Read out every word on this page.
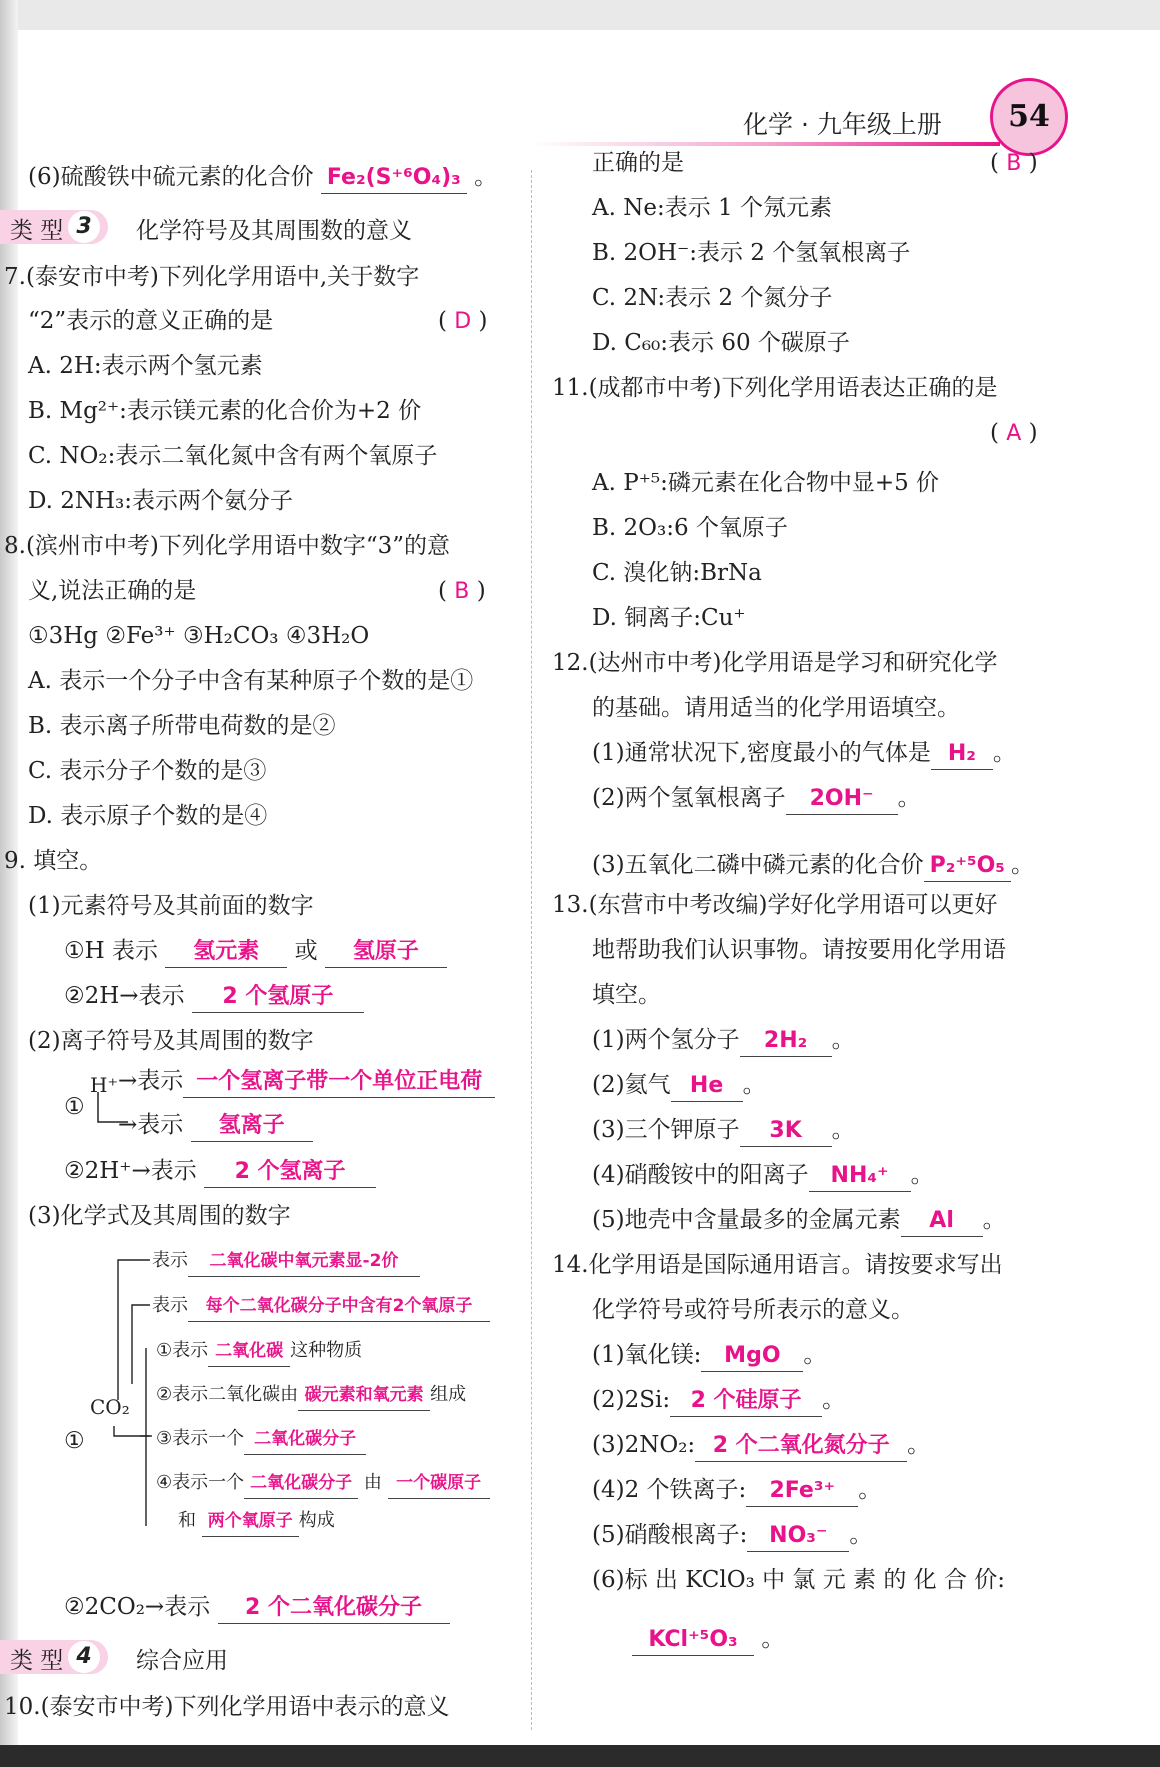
化学 · 九年级上册	54
(6)硫酸铁中硫元素的化合价 Fe₂(S⁺⁶O₄)₃ 。
类 型 3	化学符号及其周围数的意义
7.(泰安市中考)下列化学用语中,关于数字
“2”表示的意义正确的是	( D )
A. 2H:表示两个氢元素
B. Mg²⁺:表示镁元素的化合价为+2 价
C. NO₂:表示二氧化氮中含有两个氧原子
D. 2NH₃:表示两个氨分子
8.(滨州市中考)下列化学用语中数字“3”的意
义,说法正确的是	( B )
①3Hg ②Fe³⁺ ③H₂CO₃ ④3H₂O
A. 表示一个分子中含有某种原子个数的是①
B. 表示离子所带电荷数的是②
C. 表示分子个数的是③
D. 表示原子个数的是④
9. 填空。
(1)元素符号及其前面的数字
①H 表示 氢元素 或 氢原子
②2H→表示 2 个氢原子
(2)离子符号及其周围的数字
①
H⁺ →表示 一个氢离子带一个单位正电荷
→表示 氢离子
②2H⁺→表示 2 个氢离子
(3)化学式及其周围的数字
表示 二氧化碳中氧元素显-2价
表示 每个二氧化碳分子中含有2个氧原子
CO₂
①
①表示 二氧化碳 这种物质
②表示二氧化碳由 碳元素和氧元素 组成
③表示一个 二氧化碳分子
④表示一个 二氧化碳分子 由 一个碳原子
和 两个氧原子 构成
②2CO₂→表示 2 个二氧化碳分子
类 型 4	综合应用
10.(泰安市中考)下列化学用语中表示的意义
正确的是	( B )
A. Ne:表示 1 个氖元素
B. 2OH⁻:表示 2 个氢氧根离子
C. 2N:表示 2 个氮分子
D. C₆₀:表示 60 个碳原子
11.(成都市中考)下列化学用语表达正确的是
( A )
A. P⁺⁵:磷元素在化合物中显+5 价
B. 2O₃:6 个氧原子
C. 溴化钠:BrNa
D. 铜离子:Cu⁺
12.(达州市中考)化学用语是学习和研究化学
的基础。请用适当的化学用语填空。
(1)通常状况下,密度最小的气体是 H₂ 。
(2)两个氢氧根离子 2OH⁻ 。
(3)五氧化二磷中磷元素的化合价 P₂⁺⁵O₅ 。
13.(东营市中考改编)学好化学用语可以更好
地帮助我们认识事物。请按要用化学用语
填空。
(1)两个氢分子 2H₂ 。
(2)氦气 He 。
(3)三个钾原子 3K 。
(4)硝酸铵中的阳离子 NH₄⁺ 。
(5)地壳中含量最多的金属元素 Al 。
14.化学用语是国际通用语言。请按要求写出
化学符号或符号所表示的意义。
(1)氧化镁: MgO 。
(2)2Si: 2 个硅原子 。
(3)2NO₂: 2 个二氧化氮分子 。
(4)2 个铁离子: 2Fe³⁺ 。
(5)硝酸根离子: NO₃⁻ 。
(6)标 出 KClO₃ 中 氯 元 素 的 化 合 价:
KCl⁺⁵O₃ 。
